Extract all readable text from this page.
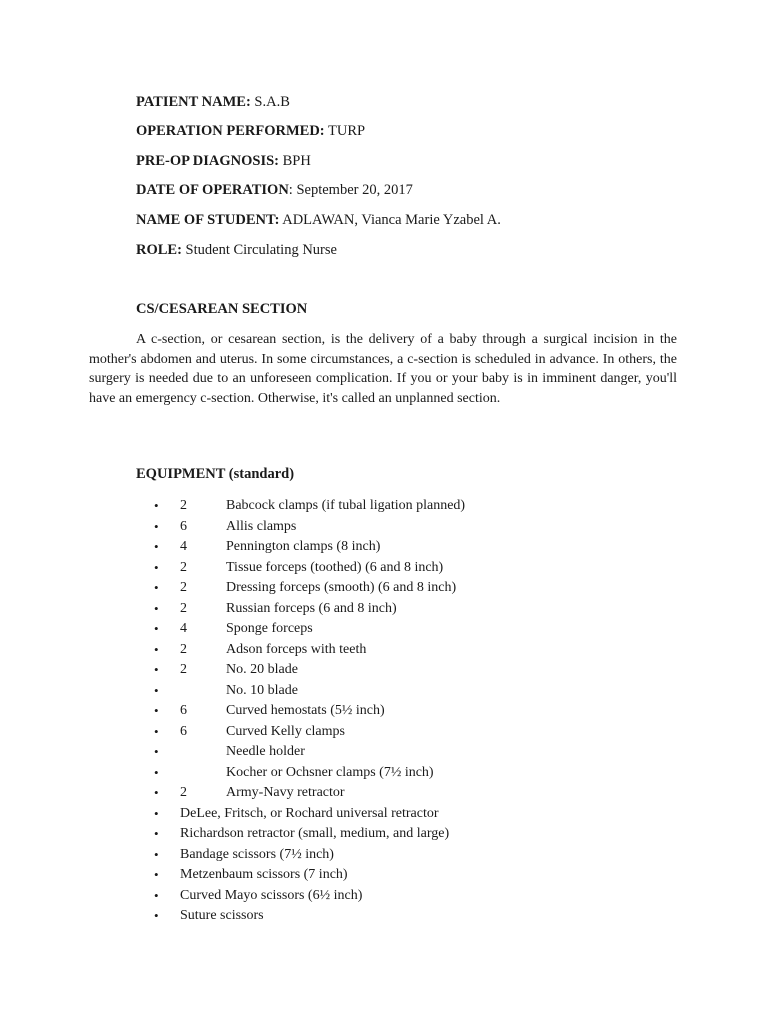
PATIENT NAME: S.A.B
OPERATION PERFORMED: TURP
PRE-OP DIAGNOSIS: BPH
DATE OF OPERATION: September 20, 2017
NAME OF STUDENT: ADLAWAN, Vianca Marie Yzabel A.
ROLE: Student Circulating Nurse
CS/CESAREAN SECTION

A c-section, or cesarean section, is the delivery of a baby through a surgical incision in the mother's abdomen and uterus. In some circumstances, a c-section is scheduled in advance. In others, the surgery is needed due to an unforeseen complication. If you or your baby is in imminent danger, you'll have an emergency c-section. Otherwise, it's called an unplanned section.

EQUIPMENT (standard)
• 2	Babcock clamps (if tubal ligation planned)
• 6	Allis clamps
• 4	Pennington clamps (8 inch)
• 2	Tissue forceps (toothed) (6 and 8 inch)
• 2	Dressing forceps (smooth) (6 and 8 inch)
• 2	Russian forceps (6 and 8 inch)
• 4	Sponge forceps
• 2	Adson forceps with teeth
• 2	No. 20 blade
•	No. 10 blade
• 6	Curved hemostats (5½ inch)
• 6	Curved Kelly clamps
•	Needle holder
•	Kocher or Ochsner clamps (7½ inch)
• 2	Army-Navy retractor
• DeLee, Fritsch, or Rochard universal retractor
• Richardson retractor (small, medium, and large)
• Bandage scissors (7½ inch)
• Metzenbaum scissors (7 inch)
• Curved Mayo scissors (6½ inch)
• Suture scissors
